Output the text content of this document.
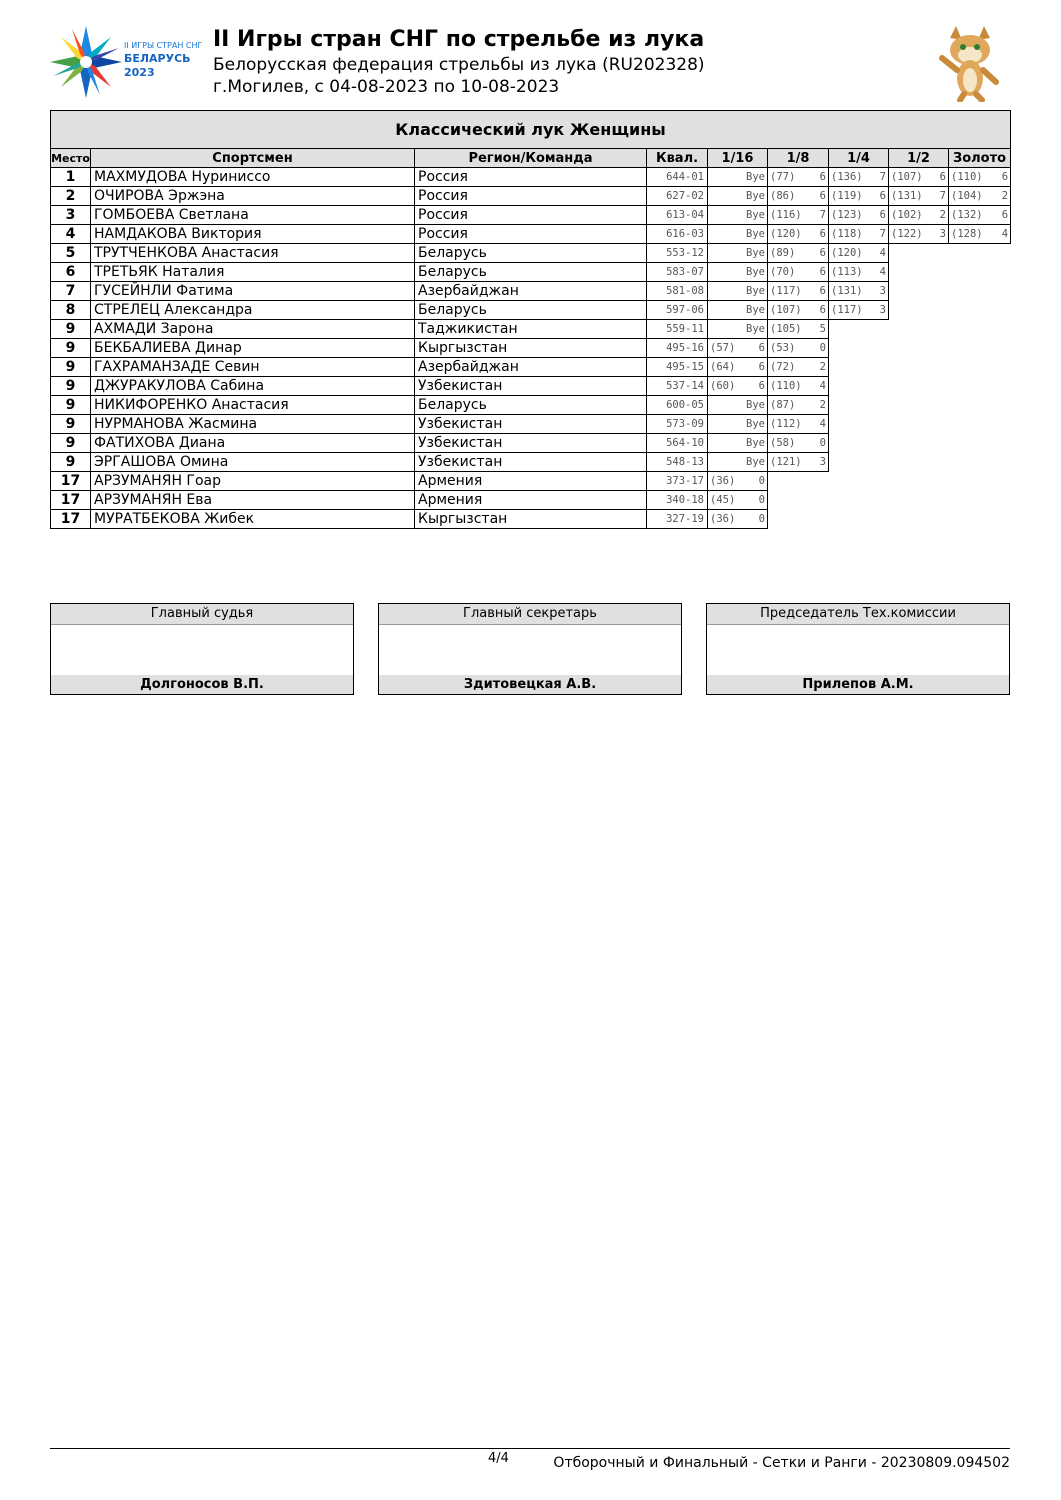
II ИГРЫ СТРАН СНГ
БЕЛАРУСЬ
2023
II Игры стран СНГ по стрельбе из лука
Белорусская федерация стрельбы из лука (RU202328)
г.Могилев, с 04-08-2023 по 10-08-2023
Классический лук Женщины								
Место	Спортсмен	Регион/Команда	Квал.	1/16	1/8	1/4	1/2	Золото
1	МАХМУДОВА Нуринисс​о	Россия	644-01	Bye	(77) 6	(136) 7	(107) 6	(110) 6

2	ОЧИРОВА Эржэна	Россия	627-02	Bye	(86) 6	(119) 6	(131) 7	(104) 2

3	ГОМБОЕВА Светлана	Россия	613-04	Bye	(116) 7	(123) 6	(102) 2	(132) 6

4	НАМДАКОВА Виктория	Россия	616-03	Bye	(120) 6	(118) 7	(122) 3	(128) 4

5	ТРУТЧЕНКОВА Анастасия	Беларусь	553-12	Bye	(89) 6	(120) 4		

6	ТРЕТЬЯК Наталия	Беларусь	583-07	Bye	(70) 6	(113) 4		

7	ГУСЕЙНЛИ Фатима	Азербайджан	581-08	Bye	(117) 6	(131) 3		

8	СТРЕЛЕЦ Александра	Беларусь	597-06	Bye	(107) 6	(117) 3		

9	АХМАДИ Зарона	Таджикистан	559-11	Bye	(105) 5			

9	БЕКБАЛИЕВА Динар	Кыргызстан	495-16	(57) 6	(53) 0			

9	ГАХРАМАНЗАДЕ Севин	Азербайджан	495-15	(64) 6	(72) 2			

9	ДЖУРАКУЛОВА Сабина	Узбекистан	537-14	(60) 6	(110) 4			

9	НИКИФОРЕНКО Анастасия	Беларусь	600-05	Bye	(87) 2			

9	НУРМАНОВА Жасмина	Узбекистан	573-09	Bye	(112) 4			

9	ФАТИХОВА Диана	Узбекистан	564-10	Bye	(58) 0			

9	ЭРГАШОВА Омина	Узбекистан	548-13	Bye	(121) 3			

17	АРЗУМАНЯН Гоар	Армения	373-17	(36) 0				

17	АРЗУМАНЯН Ева	Армения	340-18	(45) 0				

17	МУРАТБЕКОВА Жибек	Кыргызстан	327-19	(36) 0				

Главный судья
Долгоносов В.П.
Главный секретарь
Здитовецкая А.В.
Председатель Тех.комиссии
Прилепов А.М.
4/4	Отборочный и Финальный - Сетки и Ранги - 20230809.094502
